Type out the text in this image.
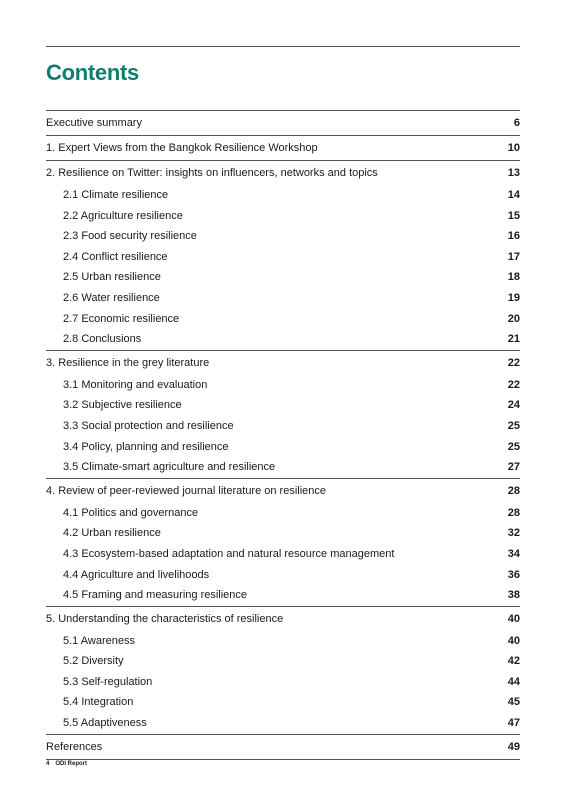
Contents
Executive summary	6
1. Expert Views from the Bangkok Resilience Workshop	10
2. Resilience on Twitter: insights on influencers, networks and topics	13
2.1 Climate resilience	14
2.2 Agriculture resilience	15
2.3 Food security resilience	16
2.4 Conflict resilience	17
2.5 Urban resilience	18
2.6 Water resilience	19
2.7 Economic resilience	20
2.8 Conclusions	21
3. Resilience in the grey literature	22
3.1 Monitoring and evaluation	22
3.2 Subjective resilience	24
3.3 Social protection and resilience	25
3.4 Policy, planning and resilience	25
3.5 Climate-smart agriculture and resilience	27
4. Review of peer-reviewed journal literature on resilience	28
4.1 Politics and governance	28
4.2 Urban resilience	32
4.3 Ecosystem-based adaptation and natural resource management	34
4.4 Agriculture and livelihoods	36
4.5 Framing and measuring resilience	38
5. Understanding the characteristics of resilience	40
5.1 Awareness	40
5.2 Diversity	42
5.3 Self-regulation	44
5.4 Integration	45
5.5 Adaptiveness	47
References	49
4 ODI Report
